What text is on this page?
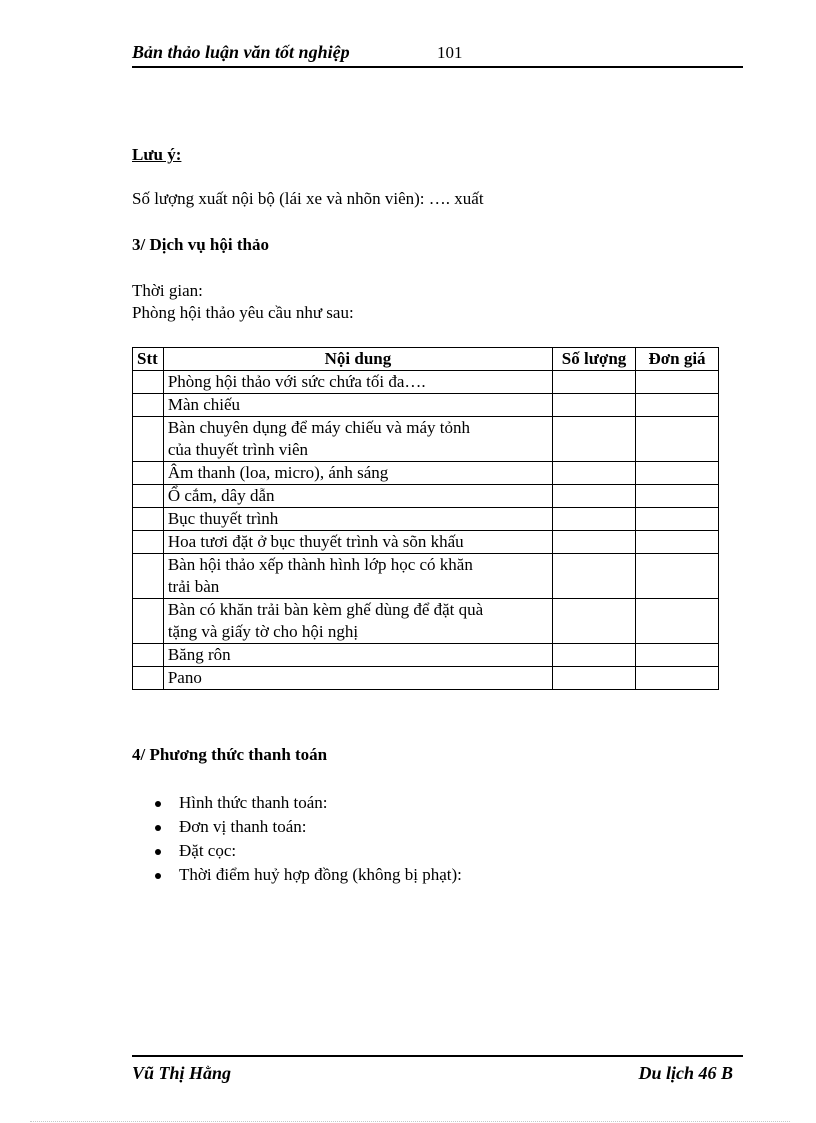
Bản thảo luận văn tốt nghiệp	101
Lưu ý:
Số lượng xuất nội bộ (lái xe và nhõn viên): …. xuất
3/ Dịch vụ hội thảo
Thời gian:
Phòng hội thảo yêu cầu như sau:
Stt	Nội dung	Số lượng	Đơn giá

	Phòng hội thảo với sức chứa tối đa….		

	Màn chiếu		

	Bàn chuyên dụng để máy chiếu và máy tỏnh
của thuyết trình viên		

	Âm thanh (loa, micro), ánh sáng		

	Ổ cắm, dây dẫn		

	Bục thuyết trình		

	Hoa tươi đặt ở bục thuyết trình và sõn khấu		

	Bàn hội thảo xếp thành hình lớp học có khăn
trải bàn		

	Bàn có khăn trải bàn kèm ghế dùng để đặt quà
tặng và giấy tờ cho hội nghị		

	Băng rôn		

	Pano		

4/ Phương thức thanh toán
Hình thức thanh toán:
Đơn vị thanh toán:
Đặt cọc:
Thời điểm huỷ hợp đồng (không bị phạt):
Vũ Thị Hằng	Du lịch 46 B
